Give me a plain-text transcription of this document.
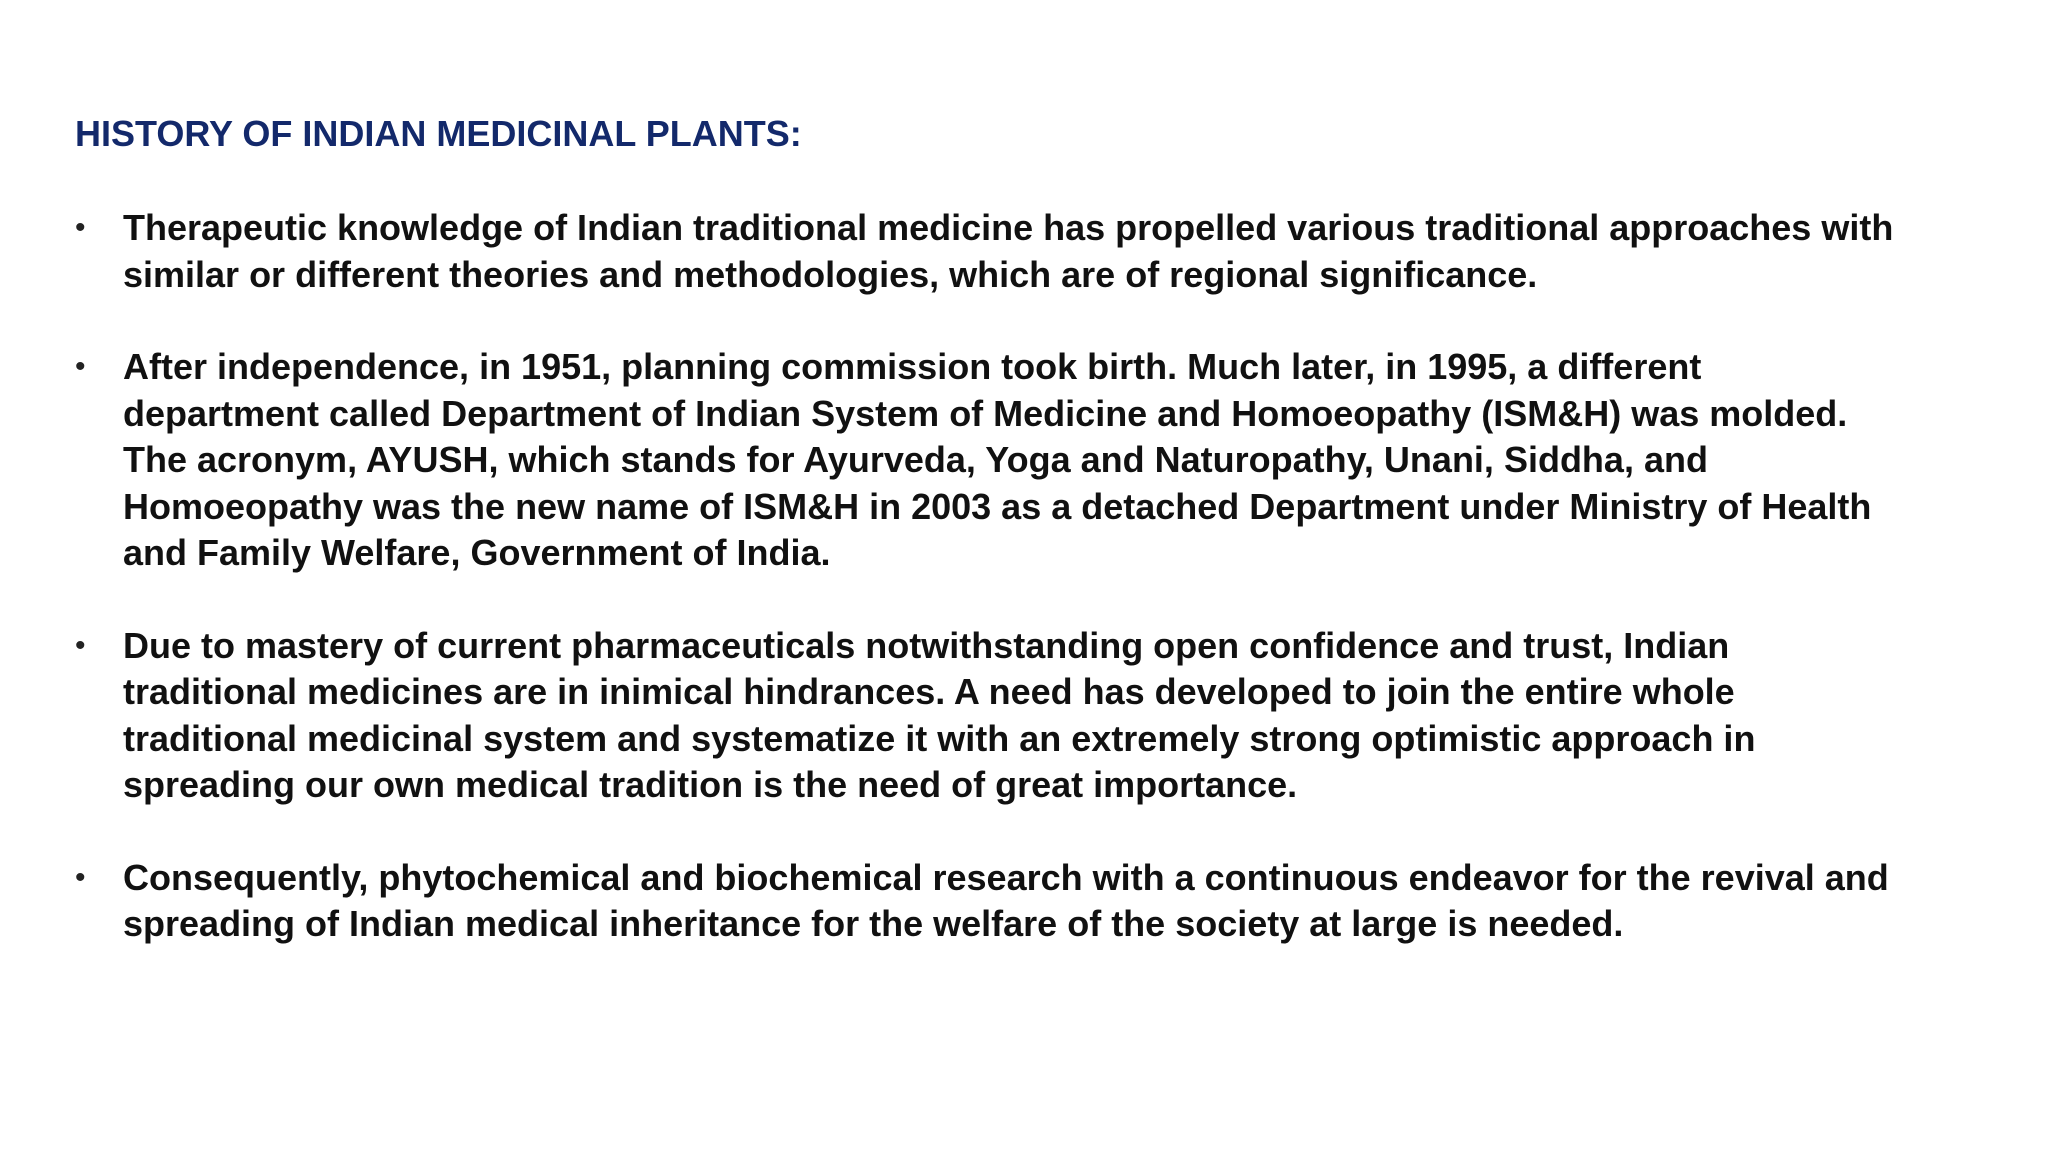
HISTORY OF INDIAN MEDICINAL PLANTS:
• Therapeutic knowledge of Indian traditional medicine has propelled various traditional approaches with similar or different theories and methodologies, which are of regional significance.
• After independence, in 1951, planning commission took birth. Much later, in 1995, a different department called Department of Indian System of Medicine and Homoeopathy (ISM&H) was molded. The acronym, AYUSH, which stands for Ayurveda, Yoga and Naturopathy, Unani, Siddha, and Homoeopathy was the new name of ISM&H in 2003 as a detached Department under Ministry of Health and Family Welfare, Government of India.
• Due to mastery of current pharmaceuticals notwithstanding open confidence and trust, Indian traditional medicines are in inimical hindrances. A need has developed to join the entire whole traditional medicinal system and systematize it with an extremely strong optimistic approach in spreading our own medical tradition is the need of great importance.
• Consequently, phytochemical and biochemical research with a continuous endeavor for the revival and spreading of Indian medical inheritance for the welfare of the society at large is needed.
